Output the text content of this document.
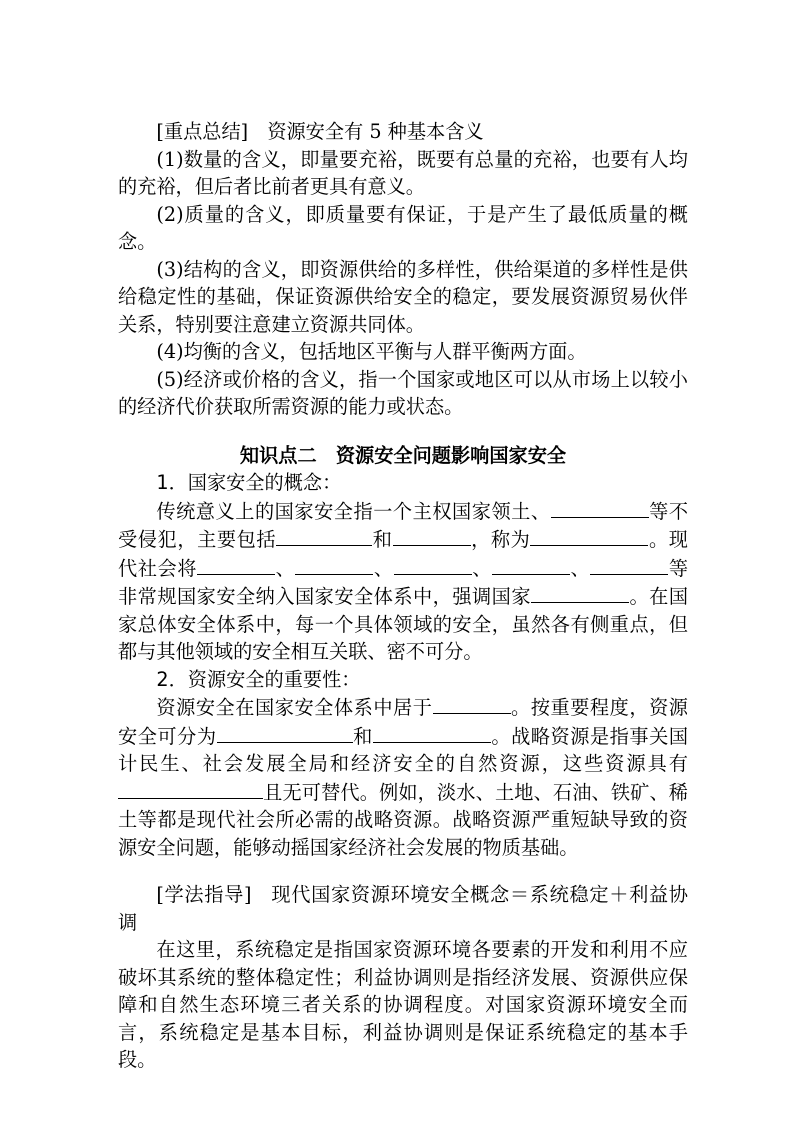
[重点总结] 资源安全有 5 种基本含义

(1)数量的含义，即量要充裕，既要有总量的充裕，也要有人均的充裕，但后者比前者更具有意义。

(2)质量的含义，即质量要有保证，于是产生了最低质量的概念。

(3)结构的含义，即资源供给的多样性，供给渠道的多样性是供给稳定性的基础，保证资源供给安全的稳定，要发展资源贸易伙伴关系，特别要注意建立资源共同体。

(4)均衡的含义，包括地区平衡与人群平衡两方面。

(5)经济或价格的含义，指一个国家或地区可以从市场上以较小的经济代价获取所需资源的能力或状态。

知识点二　资源安全问题影响国家安全

1．国家安全的概念：

传统意义上的国家安全指一个主权国家领土、	等不受侵犯，主要包括	和	，称为	。现代社会将	、	、	、	、	等非常规国家安全纳入国家安全体系中，强调国家	。在国家总体安全体系中，每一个具体领域的安全，虽然各有侧重点，但都与其他领域的安全相互关联、密不可分。

2．资源安全的重要性：

资源安全在国家安全体系中居于	。按重要程度，资源安全可分为	和	。战略资源是指事关国计民生、社会发展全局和经济安全的自然资源，这些资源具有且无可替代。例如，淡水、土地、石油、铁矿、稀土等都是现代社会所必需的战略资源。战略资源严重短缺导致的资源安全问题，能够动摇国家经济社会发展的物质基础。

[学法指导] 现代国家资源环境安全概念＝系统稳定＋利益协调

在这里，系统稳定是指国家资源环境各要素的开发和利用不应破坏其系统的整体稳定性；利益协调则是指经济发展、资源供应保障和自然生态环境三者关系的协调程度。对国家资源环境安全而言，系统稳定是基本目标，利益协调则是保证系统稳定的基本手段。
